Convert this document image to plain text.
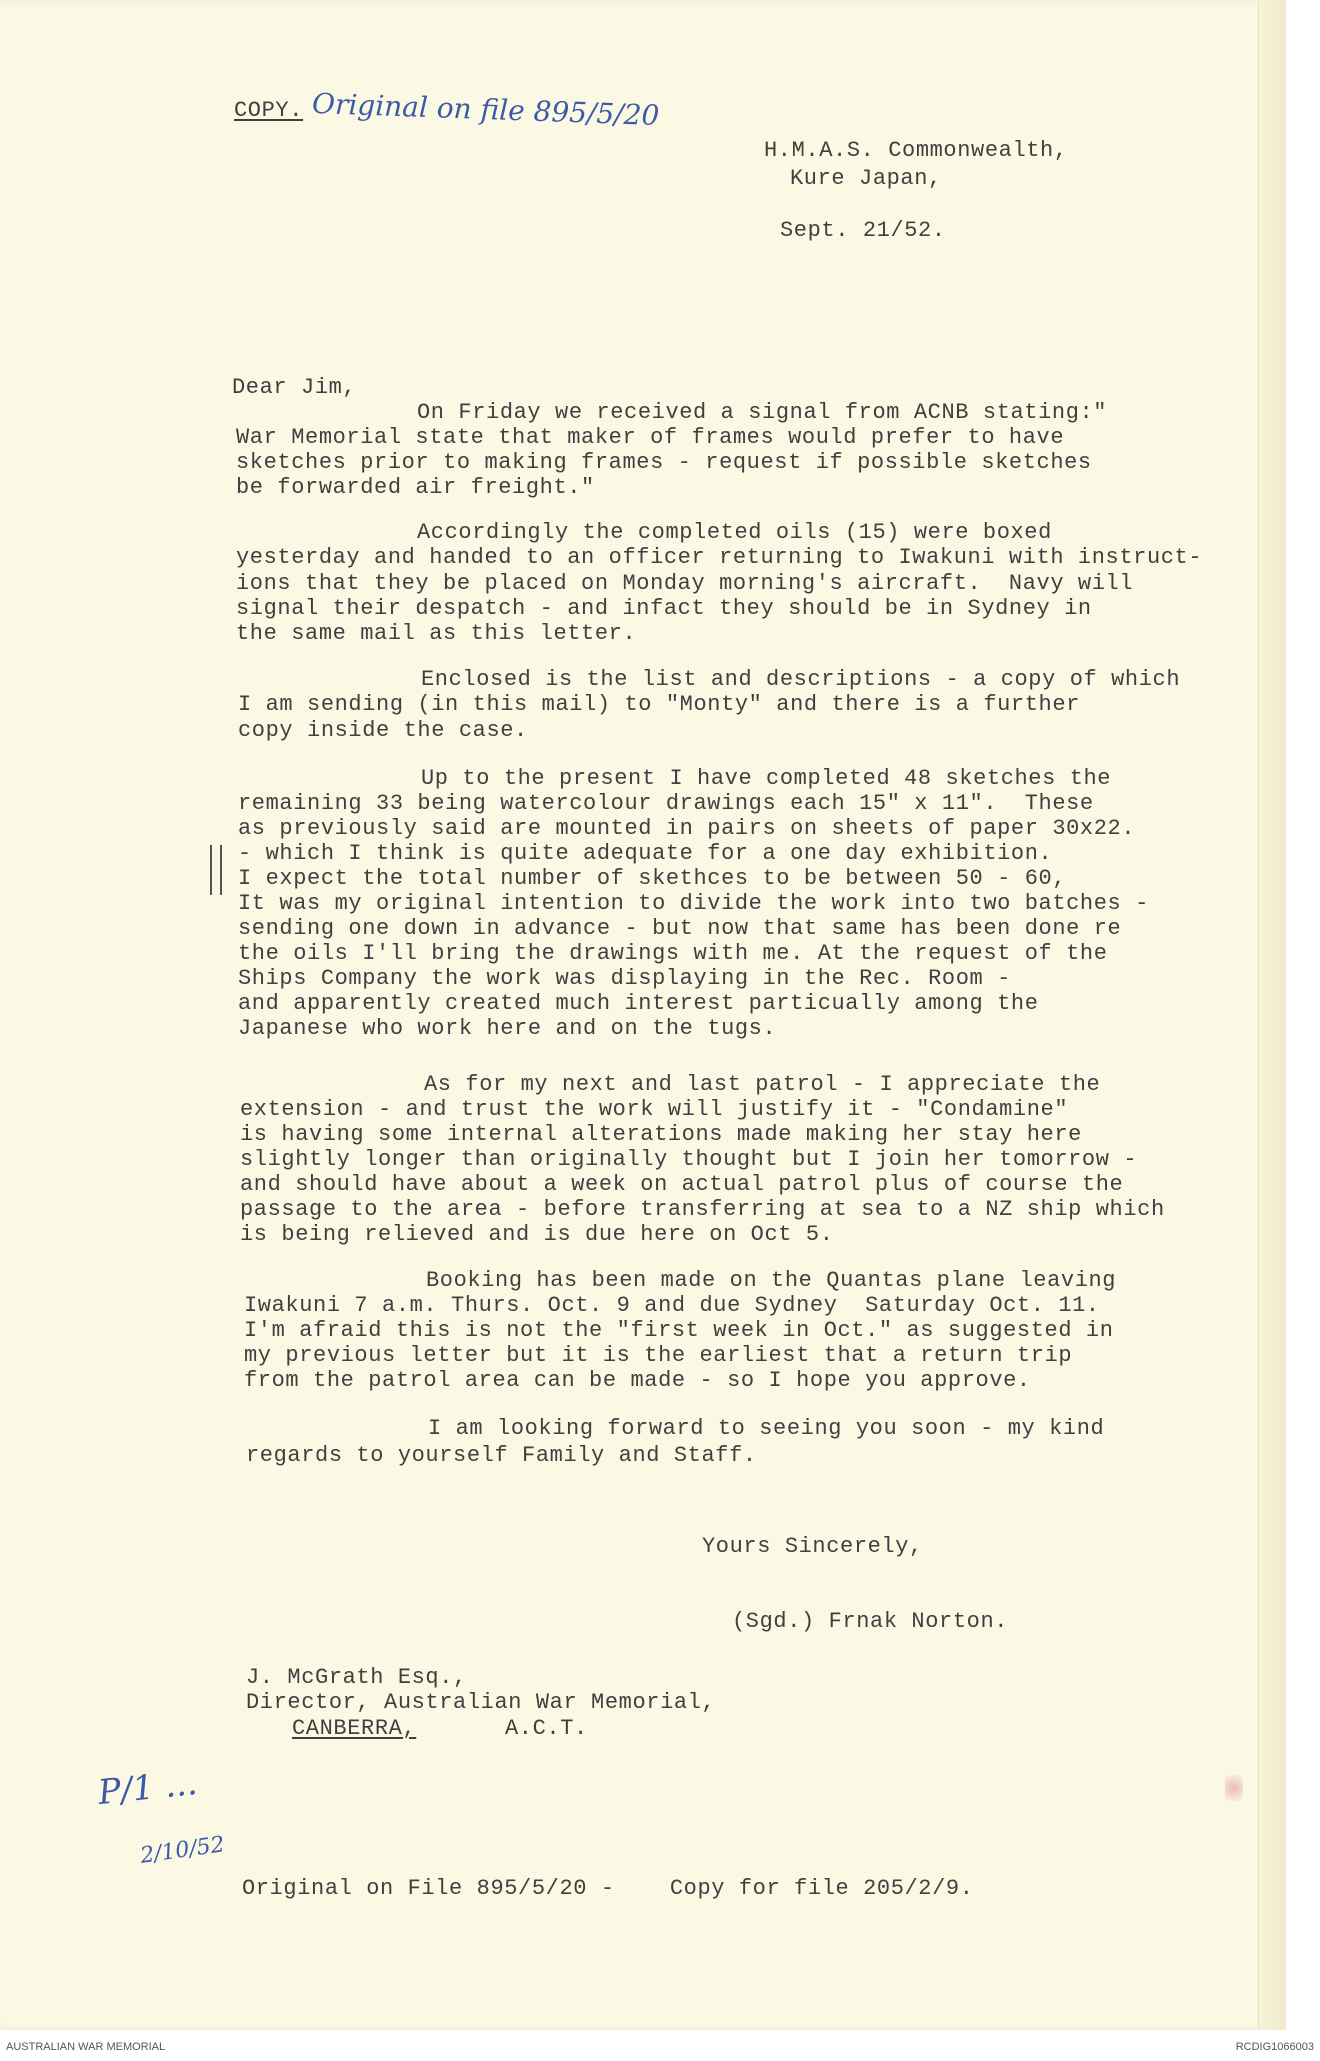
COPY. Original on file 895/5/20
H.M.A.S. Commonwealth,
Kure Japan,
Sept. 21/52.
Dear Jim,
On Friday we received a signal from ACNB stating:"
War Memorial state that maker of frames would prefer to have
sketches prior to making frames - request if possible sketches
be forwarded air freight."
Accordingly the completed oils (15) were boxed
yesterday and handed to an officer returning to Iwakuni with instruct-
ions that they be placed on Monday morning's aircraft.  Navy will
signal their despatch - and infact they should be in Sydney in
the same mail as this letter.
Enclosed is the list and descriptions - a copy of which
I am sending (in this mail) to "Monty" and there is a further
copy inside the case.
Up to the present I have completed 48 sketches the
remaining 33 being watercolour drawings each 15" x 11".  These
as previously said are mounted in pairs on sheets of paper 30x22.
- which I think is quite adequate for a one day exhibition.
I expect the total number of skethces to be between 50 - 60,
It was my original intention to divide the work into two batches -
sending one down in advance - but now that same has been done re
the oils I'll bring the drawings with me. At the request of the
Ships Company the work was displaying in the Rec. Room -
and apparently created much interest particually among the
Japanese who work here and on the tugs.
As for my next and last patrol - I appreciate the
extension - and trust the work will justify it - "Condamine"
is having some internal alterations made making her stay here
slightly longer than originally thought but I join her tomorrow -
and should have about a week on actual patrol plus of course the
passage to the area - before transferring at sea to a NZ ship which
is being relieved and is due here on Oct 5.
Booking has been made on the Quantas plane leaving
Iwakuni 7 a.m. Thurs. Oct. 9 and due Sydney  Saturday Oct. 11.
I'm afraid this is not the "first week in Oct." as suggested in
my previous letter but it is the earliest that a return trip
from the patrol area can be made - so I hope you approve.
I am looking forward to seeing you soon - my kind
regards to yourself Family and Staff.
Yours Sincerely,
(Sgd.) Frnak Norton.
J. McGrath Esq.,
Director, Australian War Memorial,
CANBERRA,	A.C.T.
P/1 ...
2/10/52
Original on File 895/5/20 -    Copy for file 205/2/9.
AUSTRALIAN WAR MEMORIAL	RCDIG1066003
